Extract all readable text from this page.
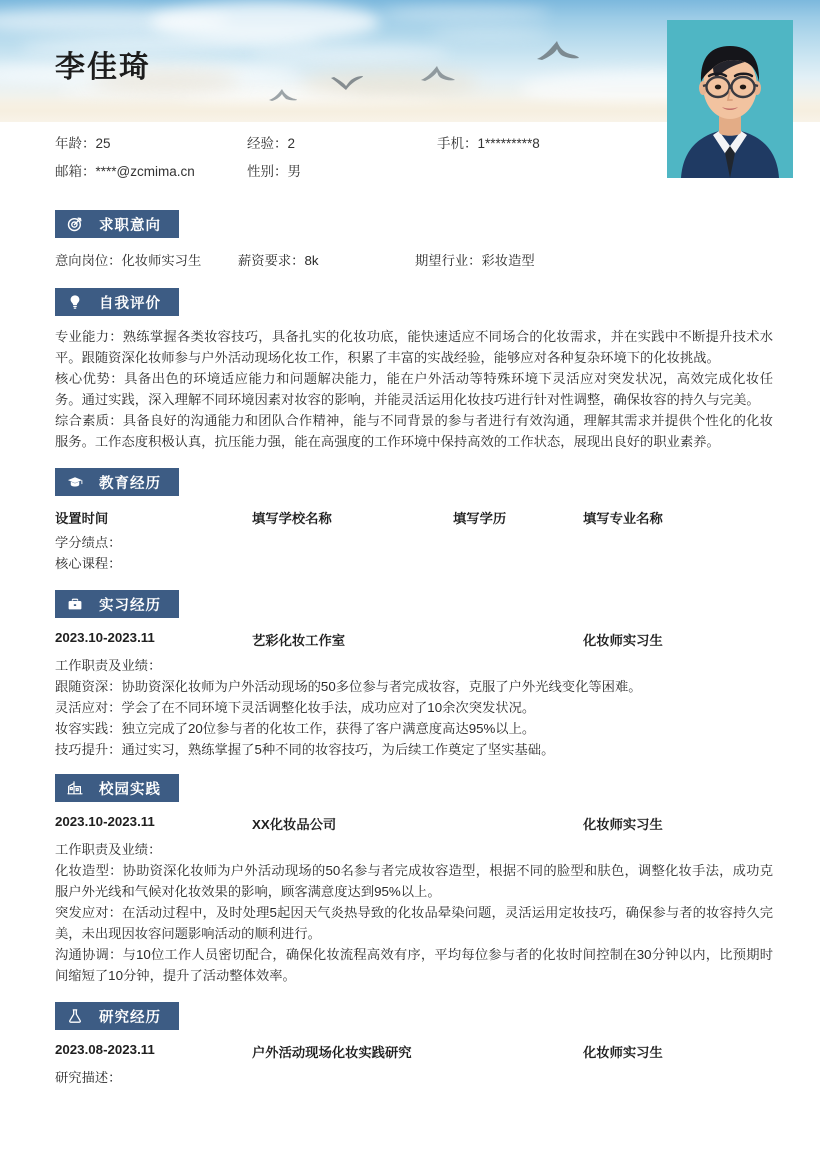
李佳琦
年龄：25	经验：2	手机：1*********8
邮箱：****@zcmima.cn	性别：男
求职意向
意向岗位：化妆师实习生	薪资要求：8k	期望行业：彩妆造型
自我评价

专业能力：熟练掌握各类妆容技巧，具备扎实的化妆功底，能快速适应不同场合的化妆需求，并在实践中不断提升技术水平。跟随资深化妆师参与户外活动现场化妆工作，积累了丰富的实战经验，能够应对各种复杂环境下的化妆挑战。

核心优势：具备出色的环境适应能力和问题解决能力，能在户外活动等特殊环境下灵活应对突发状况，高效完成化妆任务。通过实践，深入理解不同环境因素对妆容的影响，并能灵活运用化妆技巧进行针对性调整，确保妆容的持久与完美。

综合素质：具备良好的沟通能力和团队合作精神，能与不同背景的参与者进行有效沟通，理解其需求并提供个性化的化妆服务。工作态度积极认真，抗压能力强，能在高强度的工作环境中保持高效的工作状态，展现出良好的职业素养。

教育经历
设置时间	填写学校名称	填写学历	填写专业名称

学分绩点：

核心课程：

实习经历
2023.10-2023.11	艺彩化妆工作室	化妆师实习生

工作职责及业绩：

跟随资深：协助资深化妆师为户外活动现场的50多位参与者完成妆容，克服了户外光线变化等困难。

灵活应对：学会了在不同环境下灵活调整化妆手法，成功应对了10余次突发状况。

妆容实践：独立完成了20位参与者的化妆工作，获得了客户满意度高达95%以上。

技巧提升：通过实习，熟练掌握了5种不同的妆容技巧，为后续工作奠定了坚实基础。

校园实践
2023.10-2023.11	XX化妆品公司	化妆师实习生

工作职责及业绩：

化妆造型：协助资深化妆师为户外活动现场的50名参与者完成妆容造型，根据不同的脸型和肤色，调整化妆手法，成功克服户外光线和气候对化妆效果的影响，顾客满意度达到95%以上。

突发应对：在活动过程中，及时处理5起因天气炎热导致的化妆品晕染问题，灵活运用定妆技巧，确保参与者的妆容持久完美，未出现因妆容问题影响活动的顺利进行。

沟通协调：与10位工作人员密切配合，确保化妆流程高效有序，平均每位参与者的化妆时间控制在30分钟以内，比预期时间缩短了10分钟，提升了活动整体效率。

研究经历
2023.08-2023.11	户外活动现场化妆实践研究	化妆师实习生

研究描述：
